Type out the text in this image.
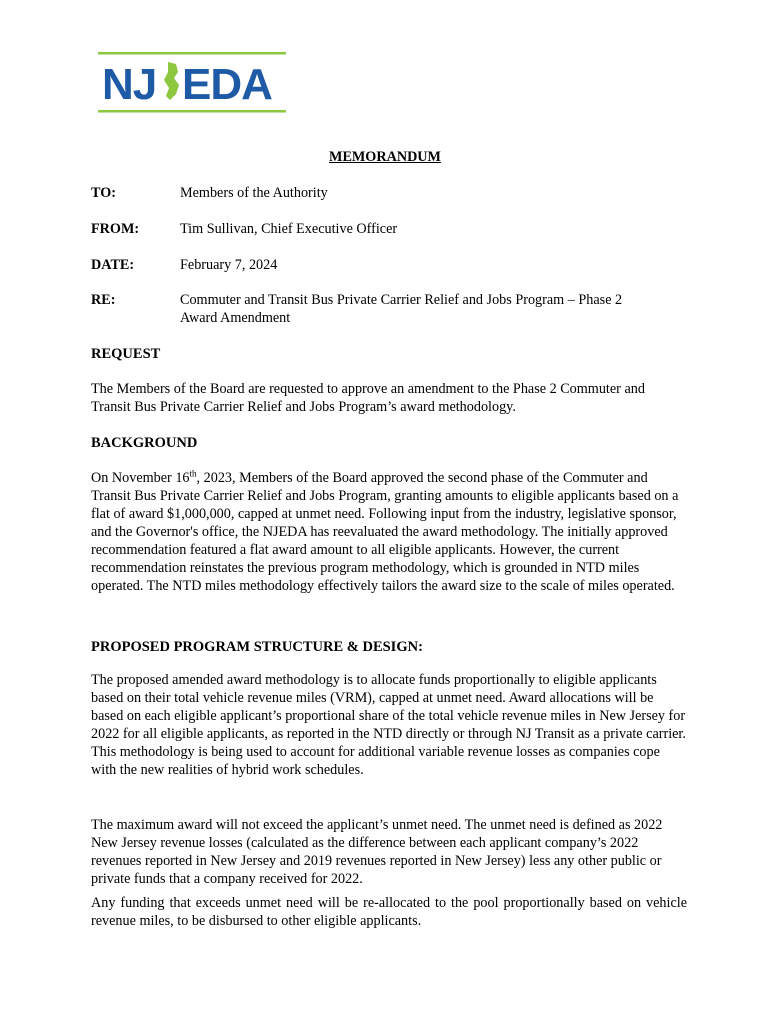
NJ EDA
MEMORANDUM
TO:	Members of the Authority
FROM:	Tim Sullivan, Chief Executive Officer
DATE:	February 7, 2024
RE:	Commuter and Transit Bus Private Carrier Relief and Jobs Program – Phase 2 Award Amendment
REQUEST

The Members of the Board are requested to approve an amendment to the Phase 2 Commuter and Transit Bus Private Carrier Relief and Jobs Program’s award methodology.

BACKGROUND

On November 16th, 2023, Members of the Board approved the second phase of the Commuter and Transit Bus Private Carrier Relief and Jobs Program, granting amounts to eligible applicants based on a flat of award $1,000,000, capped at unmet need. Following input from the industry, legislative sponsor, and the Governor's office, the NJEDA has reevaluated the award methodology. The initially approved recommendation featured a flat award amount to all eligible applicants. However, the current recommendation reinstates the previous program methodology, which is grounded in NTD miles operated. The NTD miles methodology effectively tailors the award size to the scale of miles operated.

PROPOSED PROGRAM STRUCTURE & DESIGN:

The proposed amended award methodology is to allocate funds proportionally to eligible applicants based on their total vehicle revenue miles (VRM), capped at unmet need. Award allocations will be based on each eligible applicant’s proportional share of the total vehicle revenue miles in New Jersey for 2022 for all eligible applicants, as reported in the NTD directly or through NJ Transit as a private carrier. This methodology is being used to account for additional variable revenue losses as companies cope with the new realities of hybrid work schedules.

The maximum award will not exceed the applicant’s unmet need. The unmet need is defined as 2022 New Jersey revenue losses (calculated as the difference between each applicant company’s 2022 revenues reported in New Jersey and 2019 revenues reported in New Jersey) less any other public or private funds that a company received for 2022.

Any funding that exceeds unmet need will be re-allocated to the pool proportionally based on vehicle revenue miles, to be disbursed to other eligible applicants.
